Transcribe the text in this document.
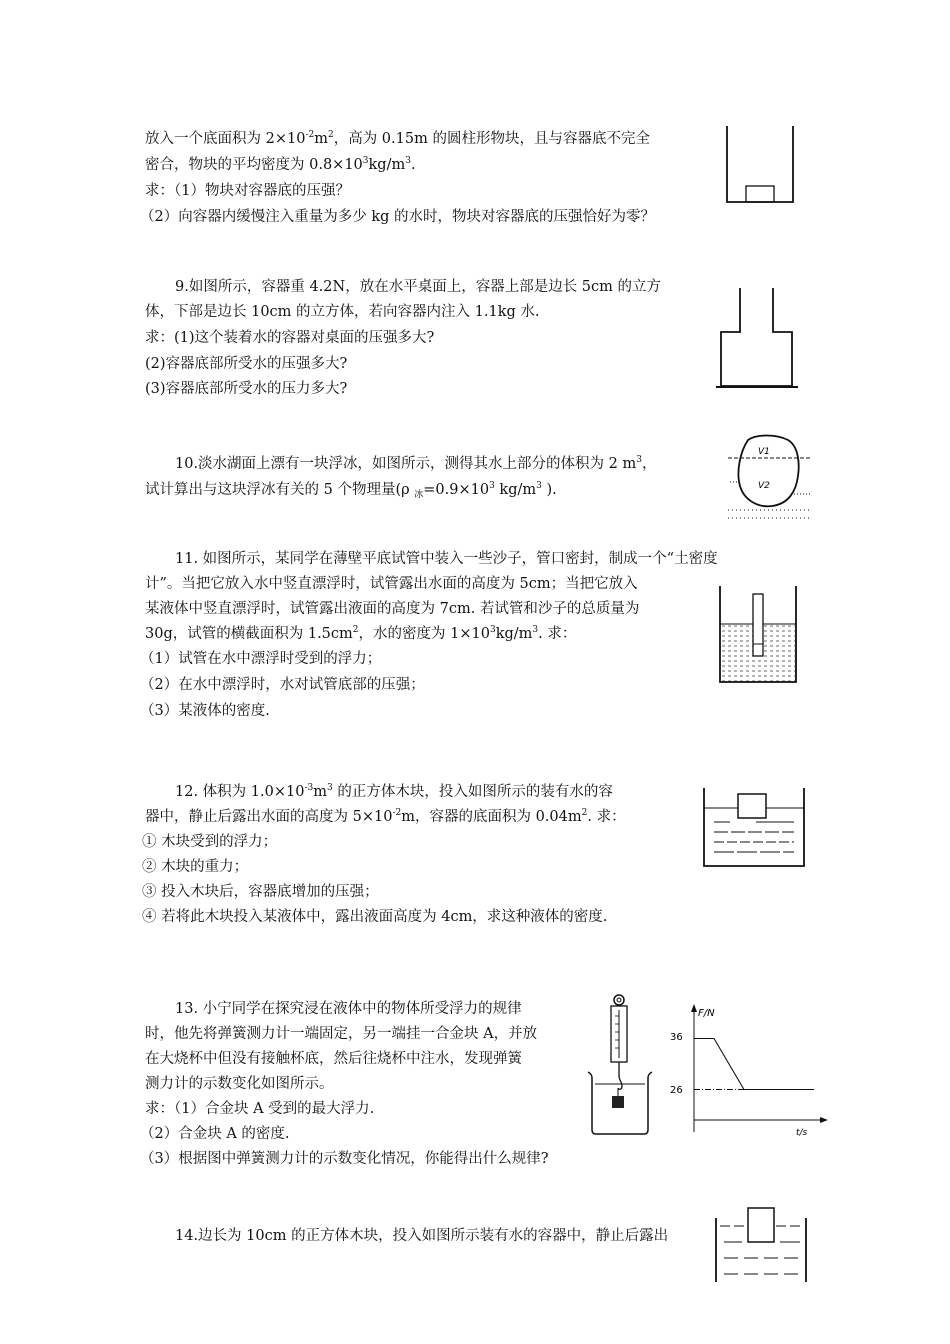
放入一个底面积为 $2\times 10^{-2}m^2$，高为 0.15m 的圆柱形物块，且与容器底不完全
密合，物块的平均密度为 $0.8\times 10^3kg/m^3$.
求：（1）物块对容器底的压强？
（2）向容器内缓慢注入重量为多少 kg 的水时，物块对容器底的压强恰好为零？
9.如图所示，容器重 4.2N，放在水平桌面上，容器上部是边长 5cm 的立方
体，下部是边长 10cm 的立方体，若向容器内注入 1.1kg 水.
求：(1)这个装着水的容器对桌面的压强多大?
(2)容器底部所受水的压强多大?
(3)容器底部所受水的压力多大?
10.淡水湖面上漂有一块浮冰，如图所示，测得其水上部分的体积为 2 $m^3$，
试计算出与这块浮冰有关的 5 个物理量(ρ $_冰=0.9\times 10^3$ $kg/m^3$ ).
V1
V2
11. 如图所示，某同学在薄壁平底试管中装入一些沙子，管口密封，制成一个“土密度
计”。当把它放入水中竖直漂浮时，试管露出水面的高度为 5cm；当把它放入
某液体中竖直漂浮时，试管露出液面的高度为 7cm. 若试管和沙子的总质量为
30g，试管的横截面积为 $1.5cm^2$，水的密度为 $1\times 10^3kg/m^3$. 求：
（1）试管在水中漂浮时受到的浮力；
（2）在水中漂浮时，水对试管底部的压强；
（3）某液体的密度.
12. 体积为 $1.0\times 10^{-3}m^3$ 的正方体木块，投入如图所示的装有水的容
器中，静止后露出水面的高度为 $5\times 10^{-2}m$，容器的底面积为 $0.04m^2$. 求：
① 木块受到的浮力；
② 木块的重力；
③ 投入木块后，容器底增加的压强；
④ 若将此木块投入某液体中，露出液面高度为 4cm，求这种液体的密度.
13. 小宁同学在探究浸在液体中的物体所受浮力的规律
时，他先将弹簧测力计一端固定，另一端挂一合金块 A，并放
在大烧杯中但没有接触杯底，然后往烧杯中注水，发现弹簧
测力计的示数变化如图所示。
求：（1）合金块 A 受到的最大浮力.
（2）合金块 A 的密度.
（3）根据图中弹簧测力计的示数变化情况，你能得出什么规律?
F/N
t/s
36
26
14.边长为 10cm 的正方体木块，投入如图所示装有水的容器中，静止后露出
